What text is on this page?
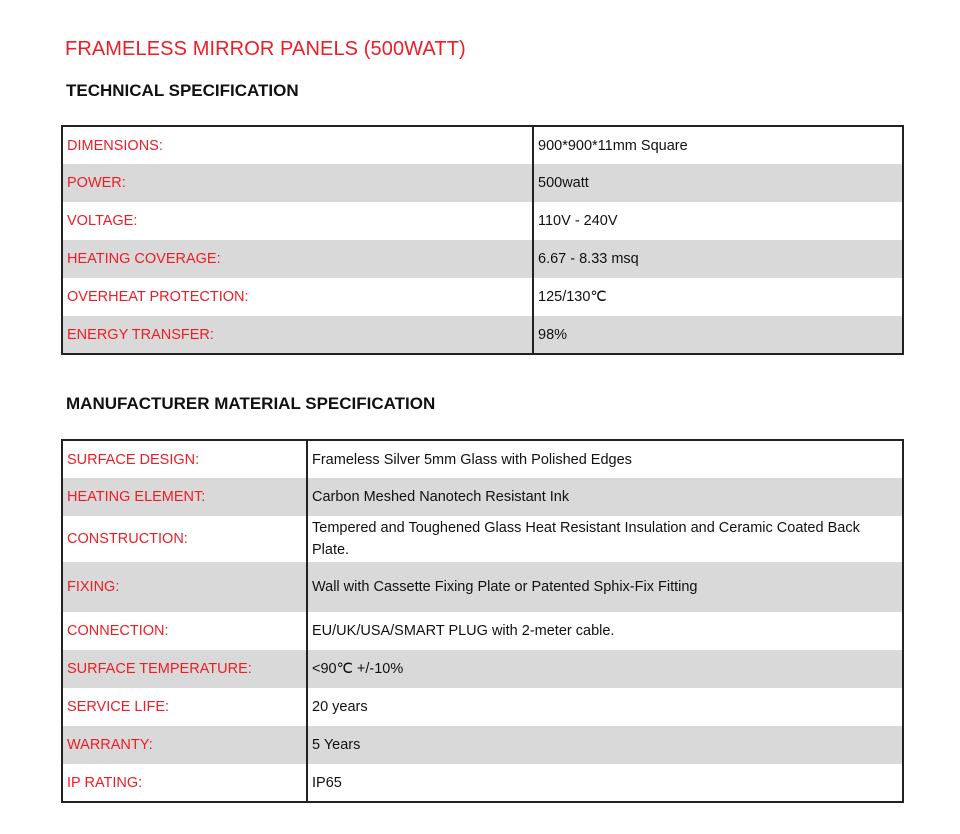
FRAMELESS MIRROR PANELS (500WATT)
TECHNICAL SPECIFICATION
DIMENSIONS:	900*900*11mm Square
POWER:	500watt
VOLTAGE:	110V - 240V
HEATING COVERAGE:	6.67 - 8.33 msq
OVERHEAT PROTECTION:	125/130℃
ENERGY TRANSFER:	98%
MANUFACTURER MATERIAL SPECIFICATION
SURFACE DESIGN:	Frameless Silver 5mm Glass with Polished Edges
HEATING ELEMENT:	Carbon Meshed Nanotech Resistant Ink
CONSTRUCTION:	Tempered and Toughened Glass Heat Resistant Insulation and Ceramic Coated Back Plate.
FIXING:	Wall with Cassette Fixing Plate or Patented Sphix-Fix Fitting
CONNECTION:	EU/UK/USA/SMART PLUG with 2-meter cable.
SURFACE TEMPERATURE:	<90℃ +/-10%
SERVICE LIFE:	20 years
WARRANTY:	5 Years
IP RATING:	IP65
